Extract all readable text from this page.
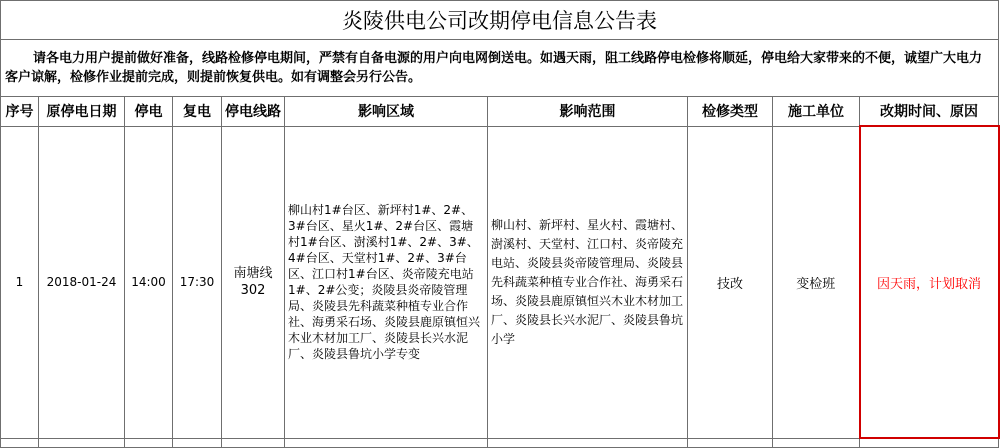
炎陵供电公司改期停电信息公告表									
请各电力用户提前做好准备，线路检修停电期间，严禁有自备电源的用户向电网倒送电。如遇天雨，阻工线路停电检修将顺延，停电给大家带来的不便，诚望广大电力客户谅解，检修作业提前完成，则提前恢复供电。如有调整会另行公告。									
序号	原停电日期	停电	复电	停电线路	影响区域	影响范围	检修类型	施工单位	改期时间、原因
1	2018-01-24	14:00	17:30	南塘线302	柳山村1#台区、新坪村1#、2#、3#台区、星火1#、2#台区、霞塘村1#台区、澍溪村1#、2#、3#、4#台区、天堂村1#、2#、3#台区、江口村1#台区、炎帝陵充电站1#、2#公变；炎陵县炎帝陵管理局、炎陵县先科蔬菜种植专业合作社、海勇采石场、炎陵县鹿原镇恒兴木业木材加工厂、炎陵县长兴水泥厂、炎陵县鲁坑小学专变	柳山村、新坪村、星火村、霞塘村、澍溪村、天堂村、江口村、炎帝陵充电站、炎陵县炎帝陵管理局、炎陵县先科蔬菜种植专业合作社、海勇采石场、炎陵县鹿原镇恒兴木业木材加工厂、炎陵县长兴水泥厂、炎陵县鲁坑小学	技改	变检班	因天雨，计划取消
